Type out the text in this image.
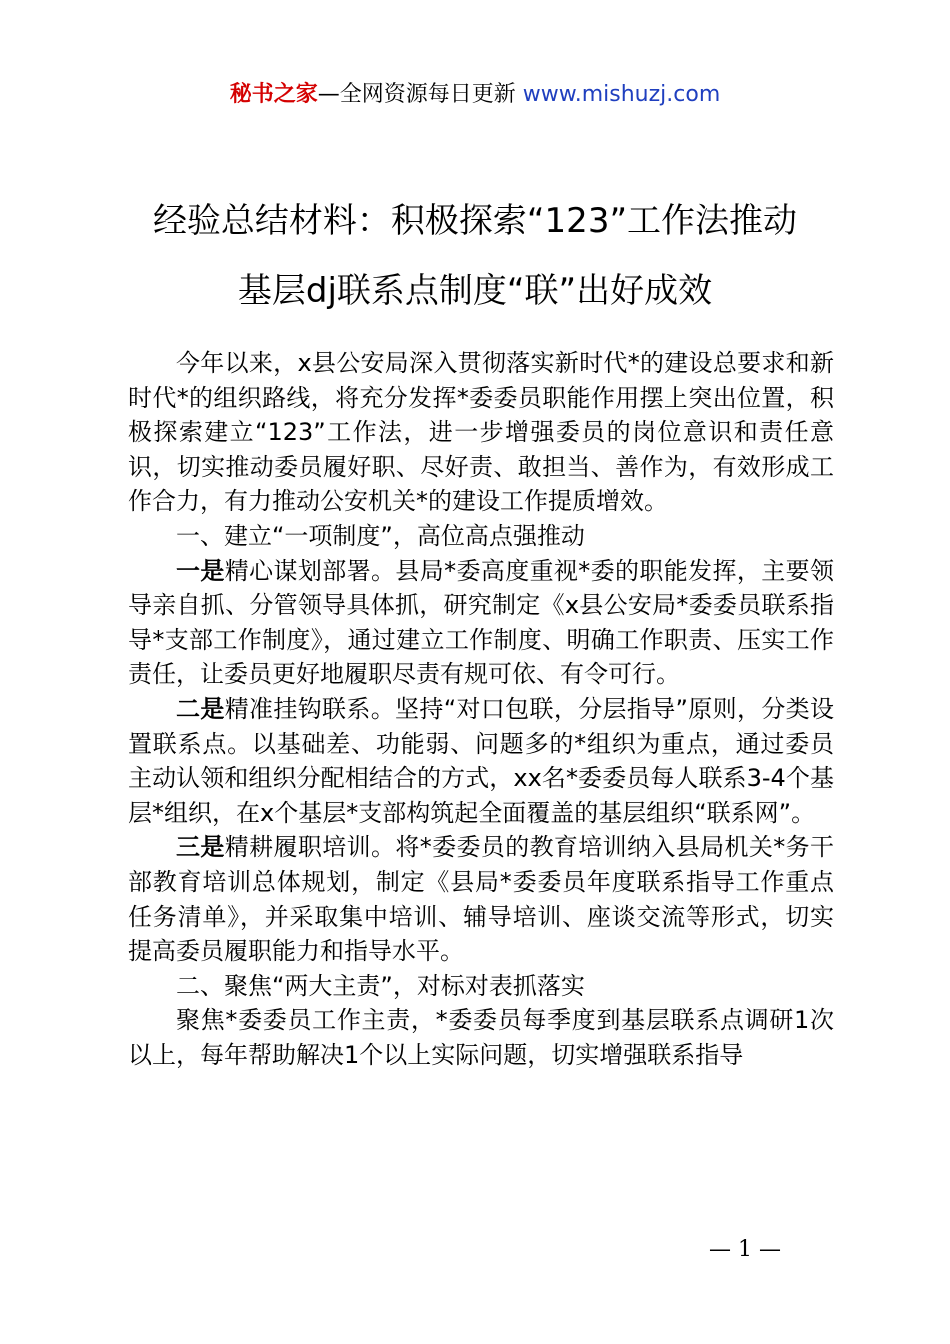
秘书之家—全网资源每日更新 www.mishuzj.com
经验总结材料：积极探索“123”工作法推动
基层dj联系点制度“联”出好成效

今年以来，x县公安局深入贯彻落实新时代*的建设总要求和新时代*的组织路线，将充分发挥*委委员职能作用摆上突出位置，积极探索建立“123”工作法，进一步增强委员的岗位意识和责任意识，切实推动委员履好职、尽好责、敢担当、善作为，有效形成工作合力，有力推动公安机关*的建设工作提质增效。

一、建立“一项制度”，高位高点强推动

一是精心谋划部署。县局*委高度重视*委的职能发挥，主要领导亲自抓、分管领导具体抓，研究制定《x县公安局*委委员联系指导*支部工作制度》，通过建立工作制度、明确工作职责、压实工作责任，让委员更好地履职尽责有规可依、有令可行。

二是精准挂钩联系。坚持“对口包联，分层指导”原则，分类设置联系点。以基础差、功能弱、问题多的*组织为重点，通过委员主动认领和组织分配相结合的方式，xx名*委委员每人联系3-4个基层*组织，在x个基层*支部构筑起全面覆盖的基层组织“联系网”。

三是精耕履职培训。将*委委员的教育培训纳入县局机关*务干部教育培训总体规划，制定《县局*委委员年度联系指导工作重点任务清单》，并采取集中培训、辅导培训、座谈交流等形式，切实提高委员履职能力和指导水平。

二、聚焦“两大主责”，对标对表抓落实

聚焦*委委员工作主责，*委委员每季度到基层联系点调研1次以上，每年帮助解决1个以上实际问题，切实增强联系指导

— 1 —
